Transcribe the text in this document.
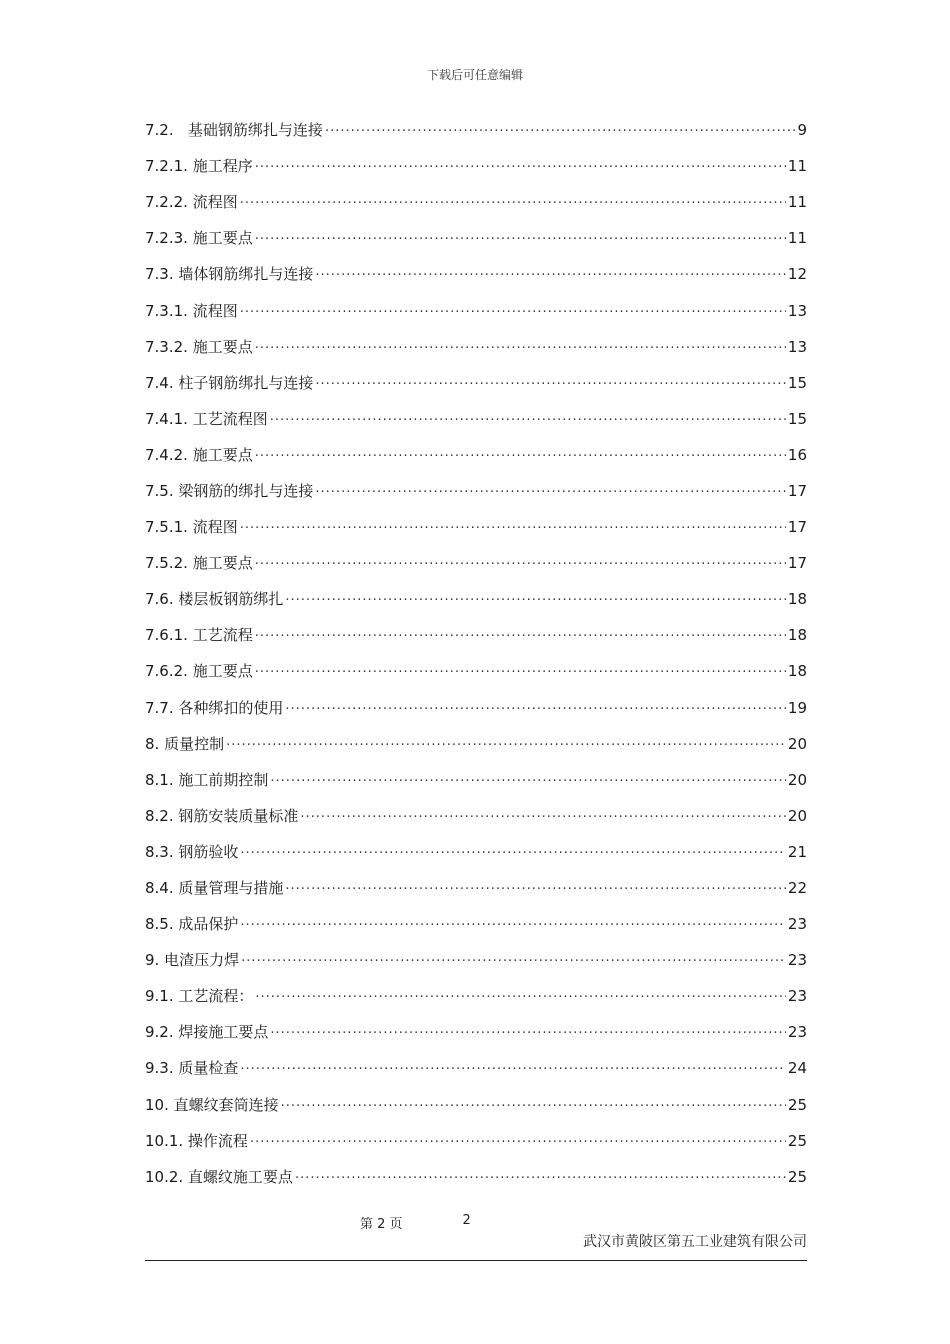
下载后可任意编辑
7.2.   基础钢筋绑扎与连接 .....	9
7.2.1. 施工程序 .....	11
7.2.2. 流程图 .....	11
7.2.3. 施工要点 .....	11
7.3. 墙体钢筋绑扎与连接 .....	12
7.3.1. 流程图 .....	13
7.3.2. 施工要点 .....	13
7.4. 柱子钢筋绑扎与连接 .....	15
7.4.1. 工艺流程图 .....	15
7.4.2. 施工要点 .....	16
7.5. 梁钢筋的绑扎与连接 .....	17
7.5.1. 流程图 .....	17
7.5.2. 施工要点 .....	17
7.6. 楼层板钢筋绑扎 .....	18
7.6.1. 工艺流程 .....	18
7.6.2. 施工要点 .....	18
7.7. 各种绑扣的使用 .....	19
8. 质量控制 .....	20
8.1. 施工前期控制 .....	20
8.2. 钢筋安装质量标准 .....	20
8.3. 钢筋验收 .....	21
8.4. 质量管理与措施 .....	22
8.5. 成品保护 .....	23
9. 电渣压力焊 .....	23
9.1. 工艺流程： .....	23
9.2. 焊接施工要点 .....	23
9.3. 质量检查 .....	24
10. 直螺纹套筒连接 .....	25
10.1. 操作流程 .....	25
10.2. 直螺纹施工要点 .....	25
第 2 页	2
武汉市黄陂区第五工业建筑有限公司
